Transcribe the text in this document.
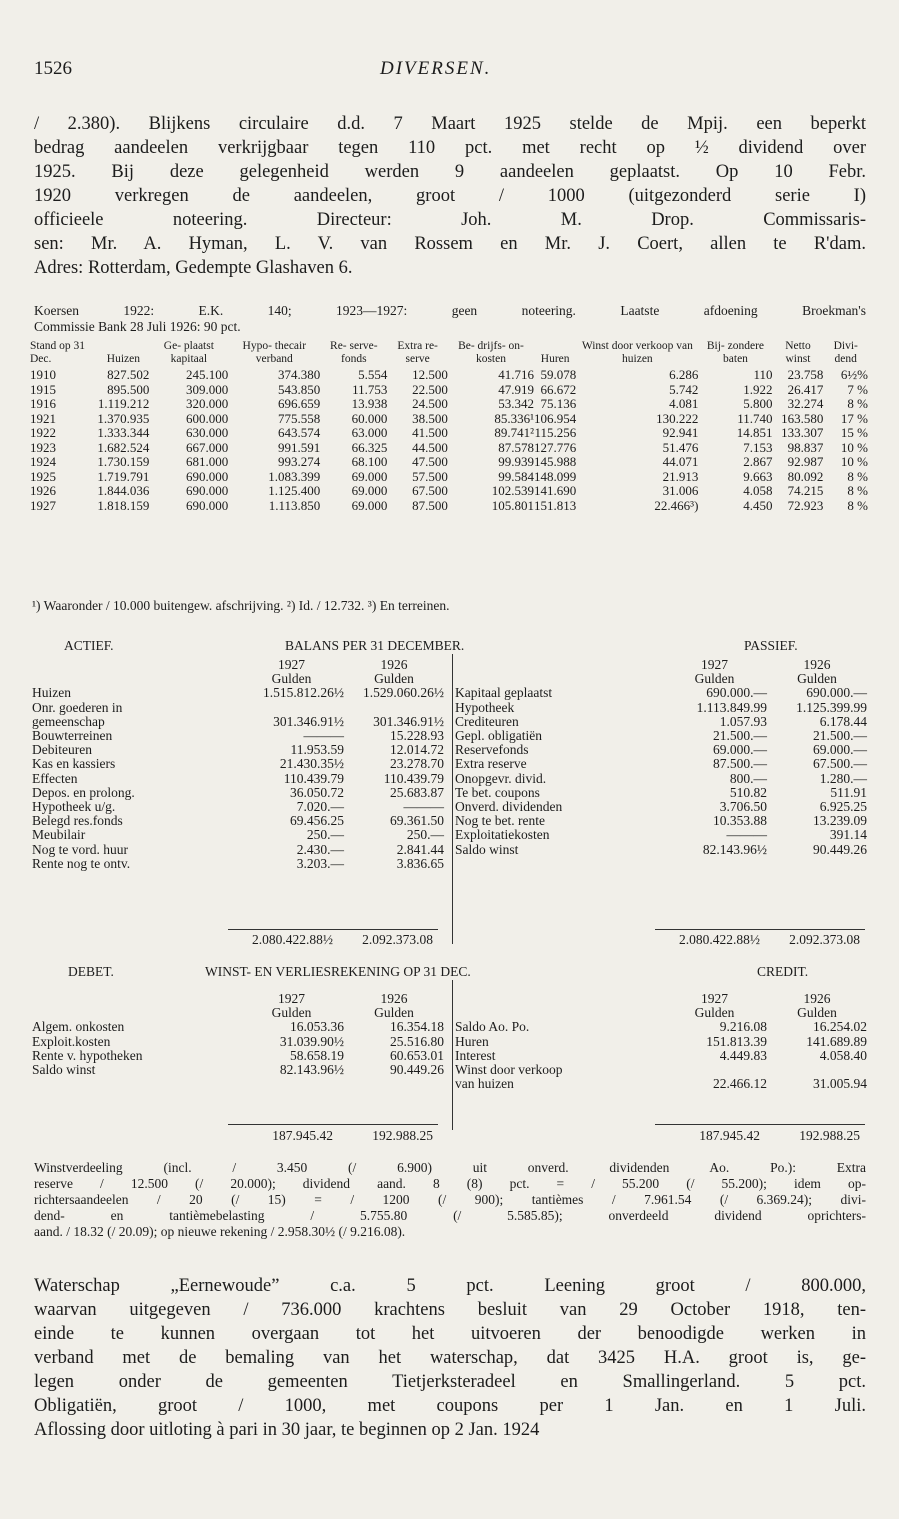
1526	DIVERSEN.
/ 2.380). Blijkens circulaire d.d. 7 Maart 1925 stelde de Mpij. een beperkt
bedrag aandeelen verkrijgbaar tegen 110 pct. met recht op ½ dividend over
1925. Bij deze gelegenheid werden 9 aandeelen geplaatst. Op 10 Febr.
1920 verkregen de aandeelen, groot / 1000 (uitgezonderd serie I)
officieele noteering. Directeur: Joh. M. Drop. Commissaris-
sen: Mr. A. Hyman, L. V. van Rossem en Mr. J. Coert, allen te R'dam.
Adres: Rotterdam, Gedempte Glashaven 6.
Koersen 1922: E.K. 140; 1923—1927: geen noteering. Laatste afdoening Broekman's
Commissie Bank 28 Juli 1926: 90 pct.
Stand op 31 Dec.	Huizen	Ge- plaatst kapitaal	Hypo- thecair verband	Re- serve- fonds	Extra re- serve	Be- drijfs- on- kosten	Huren	Winst door verkoop van huizen	Bij- zondere baten	Netto winst	Divi- dend
1910	827.502	245.100	374.380	5.554	12.500	41.716	59.078	6.286	110	23.758	6½%
1915	895.500	309.000	543.850	11.753	22.500	47.919	66.672	5.742	1.922	26.417	7 %
1916	1.119.212	320.000	696.659	13.938	24.500	53.342	75.136	4.081	5.800	32.274	8 %
1921	1.370.935	600.000	775.558	60.000	38.500	85.336¹	106.954	130.222	11.740	163.580	17 %
1922	1.333.344	630.000	643.574	63.000	41.500	89.741²	115.256	92.941	14.851	133.307	15 %
1923	1.682.524	667.000	991.591	66.325	44.500	87.578	127.776	51.476	7.153	98.837	10 %
1924	1.730.159	681.000	993.274	68.100	47.500	99.939	145.988	44.071	2.867	92.987	10 %
1925	1.719.791	690.000	1.083.399	69.000	57.500	99.584	148.099	21.913	9.663	80.092	8 %
1926	1.844.036	690.000	1.125.400	69.000	67.500	102.539	141.690	31.006	4.058	74.215	8 %
1927	1.818.159	690.000	1.113.850	69.000	87.500	105.801	151.813	22.466³)	4.450	72.923	8 %
¹) Waaronder / 10.000 buitengew. afschrijving. ²) Id. / 12.732. ³) En terreinen.
ACTIEF.	BALANS PER 31 DECEMBER.	PASSIEF.
1927	1926
Gulden	Gulden
Huizen	1.515.812.26½	1.529.060.26½
Onr. goederen in
gemeenschap	301.346.91½	301.346.91½
Bouwterreinen	———	15.228.93
Debiteuren	11.953.59	12.014.72
Kas en kassiers	21.430.35½	23.278.70
Effecten	110.439.79	110.439.79
Depos. en prolong.	36.050.72	25.683.87
Hypotheek u/g.	7.020.—	———
Belegd res.fonds	69.456.25	69.361.50
Meubilair	250.—	250.—
Nog te vord. huur	2.430.—	2.841.44
Rente nog te ontv.	3.203.—	3.836.65
1927	1926
Gulden	Gulden
Kapitaal geplaatst	690.000.—	690.000.—
Hypotheek	1.113.849.99	1.125.399.99
Crediteuren	1.057.93	6.178.44
Gepl. obligatiën	21.500.—	21.500.—
Reservefonds	69.000.—	69.000.—
Extra reserve	87.500.—	67.500.—
Onopgevr. divid.	800.—	1.280.—
Te bet. coupons	510.82	511.91
Onverd. dividenden	3.706.50	6.925.25
Nog te bet. rente	10.353.88	13.239.09
Exploitatiekosten	———	391.14
Saldo winst	82.143.96½	90.449.26
2.080.422.88½	2.092.373.08	2.080.422.88½	2.092.373.08
DEBET.	WINST- EN VERLIESREKENING OP 31 DEC.	CREDIT.
1927	1926
Gulden	Gulden
Algem. onkosten	16.053.36	16.354.18
Exploit.kosten	31.039.90½	25.516.80
Rente v. hypotheken	58.658.19	60.653.01
Saldo winst	82.143.96½	90.449.26
1927	1926
Gulden	Gulden
Saldo Ao. Po.	9.216.08	16.254.02
Huren	151.813.39	141.689.89
Interest	4.449.83	4.058.40
Winst door verkoop
van huizen	22.466.12	31.005.94
187.945.42	192.988.25	187.945.42	192.988.25
Winstverdeeling (incl. / 3.450 (/ 6.900) uit onverd. dividenden Ao. Po.): Extra
reserve / 12.500 (/ 20.000); dividend aand. 8 (8) pct. = / 55.200 (/ 55.200); idem op-
richtersaandeelen / 20 (/ 15) = / 1200 (/ 900); tantièmes / 7.961.54 (/ 6.369.24); divi-
dend- en tantièmebelasting / 5.755.80 (/ 5.585.85); onverdeeld dividend oprichters-
aand. / 18.32 (/ 20.09); op nieuwe rekening / 2.958.30½ (/ 9.216.08).
Waterschap „Eernewoude” c.a. 5 pct. Leening groot / 800.000,
waarvan uitgegeven / 736.000 krachtens besluit van 29 October 1918, ten-
einde te kunnen overgaan tot het uitvoeren der benoodigde werken in
verband met de bemaling van het waterschap, dat 3425 H.A. groot is, ge-
legen onder de gemeenten Tietjerksteradeel en Smallingerland. 5 pct.
Obligatiën, groot / 1000, met coupons per 1 Jan. en 1 Juli.
Aflossing door uitloting à pari in 30 jaar, te beginnen op 2 Jan. 1924
